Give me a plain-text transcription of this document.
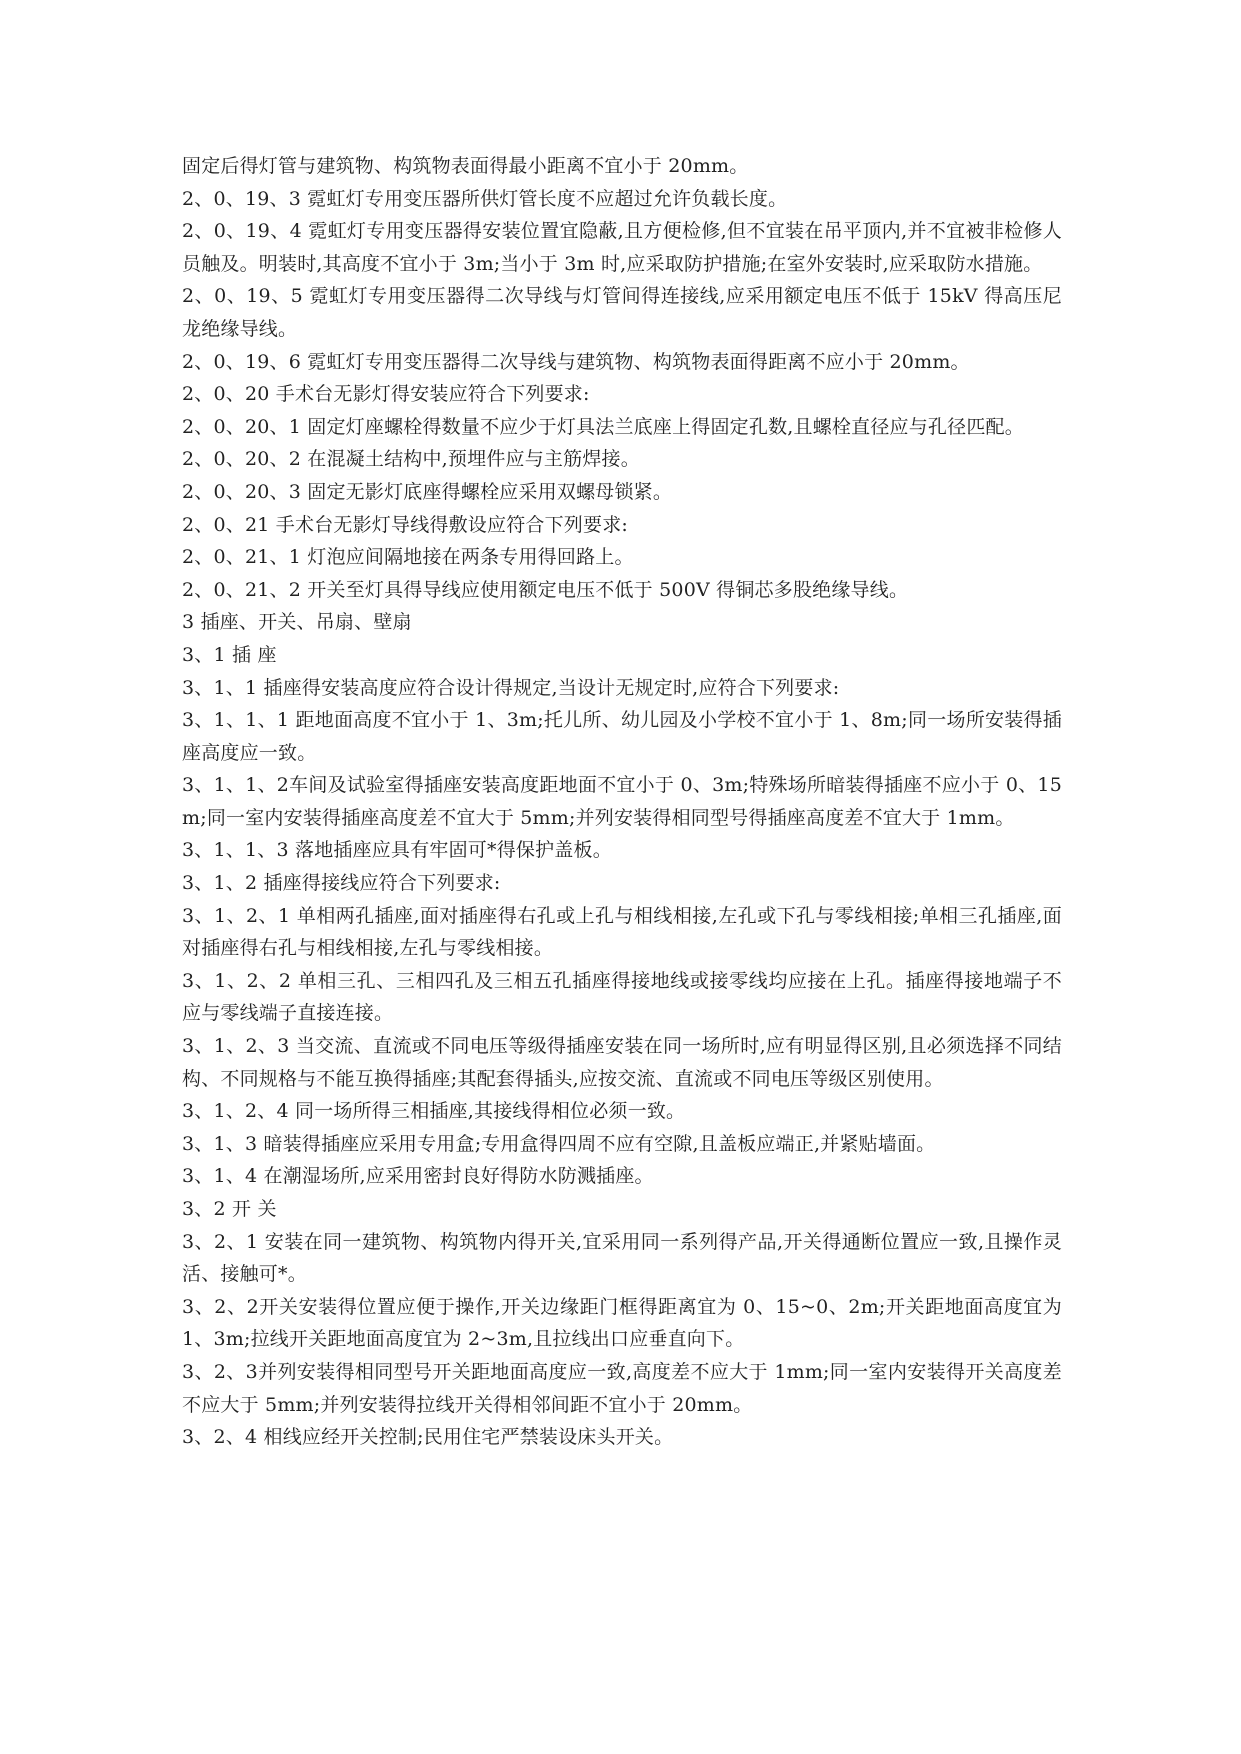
固定后得灯管与建筑物、构筑物表面得最小距离不宜小于 20mm。

2、0、19、3 霓虹灯专用变压器所供灯管长度不应超过允许负载长度。

2、0、19、4 霓虹灯专用变压器得安装位置宜隐蔽,且方便检修,但不宜装在吊平顶内,并不宜被非检修人员触及。明装时,其高度不宜小于 3m;当小于 3m 时,应采取防护措施;在室外安装时,应采取防水措施。

2、0、19、5 霓虹灯专用变压器得二次导线与灯管间得连接线,应采用额定电压不低于 15kV 得高压尼龙绝缘导线。

2、0、19、6 霓虹灯专用变压器得二次导线与建筑物、构筑物表面得距离不应小于 20mm。

2、0、20 手术台无影灯得安装应符合下列要求:

2、0、20、1 固定灯座螺栓得数量不应少于灯具法兰底座上得固定孔数,且螺栓直径应与孔径匹配。

2、0、20、2 在混凝土结构中,预埋件应与主筋焊接。

2、0、20、3 固定无影灯底座得螺栓应采用双螺母锁紧。

2、0、21 手术台无影灯导线得敷设应符合下列要求:

2、0、21、1 灯泡应间隔地接在两条专用得回路上。

2、0、21、2 开关至灯具得导线应使用额定电压不低于 500V 得铜芯多股绝缘导线。

3 插座、开关、吊扇、壁扇

3、1 插 座

3、1、1 插座得安装高度应符合设计得规定,当设计无规定时,应符合下列要求:

3、1、1、1 距地面高度不宜小于 1、3m;托儿所、幼儿园及小学校不宜小于 1、8m;同一场所安装得插座高度应一致。

3、1、1、2车间及试验室得插座安装高度距地面不宜小于 0、3m;特殊场所暗装得插座不应小于 0、15m;同一室内安装得插座高度差不宜大于 5mm;并列安装得相同型号得插座高度差不宜大于 1mm。

3、1、1、3 落地插座应具有牢固可*得保护盖板。

3、1、2 插座得接线应符合下列要求:

3、1、2、1 单相两孔插座,面对插座得右孔或上孔与相线相接,左孔或下孔与零线相接;单相三孔插座,面对插座得右孔与相线相接,左孔与零线相接。

3、1、2、2 单相三孔、三相四孔及三相五孔插座得接地线或接零线均应接在上孔。插座得接地端子不应与零线端子直接连接。

3、1、2、3 当交流、直流或不同电压等级得插座安装在同一场所时,应有明显得区别,且必须选择不同结构、不同规格与不能互换得插座;其配套得插头,应按交流、直流或不同电压等级区别使用。

3、1、2、4 同一场所得三相插座,其接线得相位必须一致。

3、1、3 暗装得插座应采用专用盒;专用盒得四周不应有空隙,且盖板应端正,并紧贴墙面。

3、1、4 在潮湿场所,应采用密封良好得防水防溅插座。

3、2 开 关

3、2、1 安装在同一建筑物、构筑物内得开关,宜采用同一系列得产品,开关得通断位置应一致,且操作灵活、接触可*。

3、2、2开关安装得位置应便于操作,开关边缘距门框得距离宜为 0、15~0、2m;开关距地面高度宜为 1、3m;拉线开关距地面高度宜为 2~3m,且拉线出口应垂直向下。

3、2、3并列安装得相同型号开关距地面高度应一致,高度差不应大于 1mm;同一室内安装得开关高度差不应大于 5mm;并列安装得拉线开关得相邻间距不宜小于 20mm。

3、2、4 相线应经开关控制;民用住宅严禁装设床头开关。
